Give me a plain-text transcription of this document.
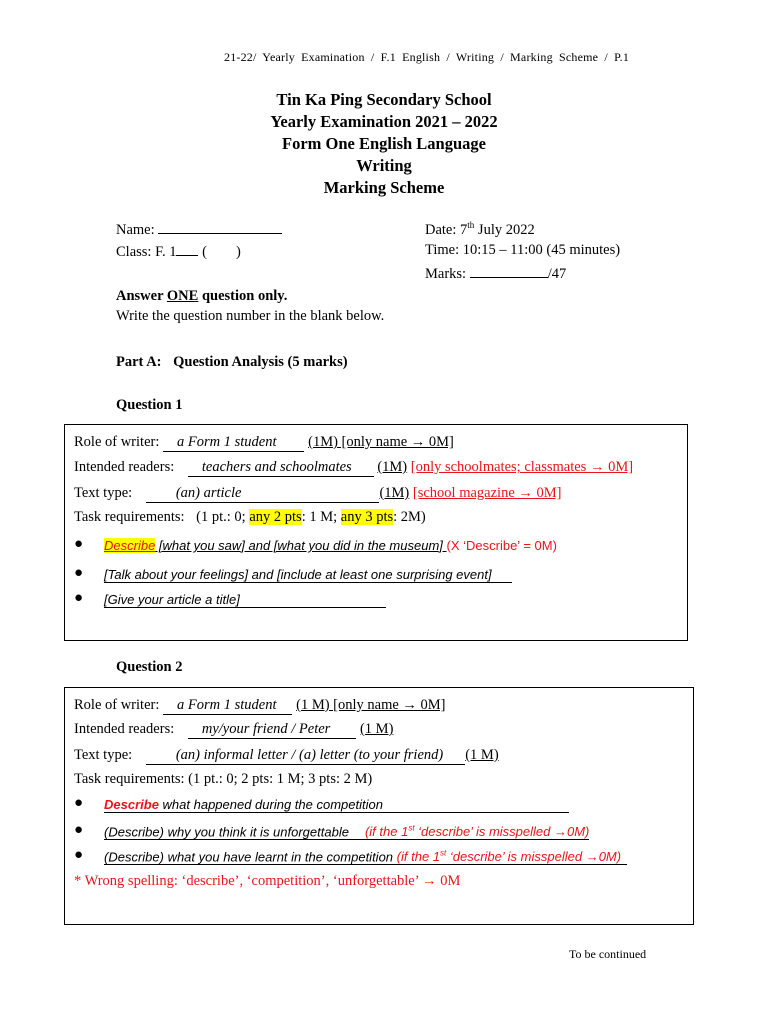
21-22/ Yearly Examination / F.1 English / Writing / Marking Scheme / P.1
Tin Ka Ping Secondary School
Yearly Examination 2021 – 2022
Form One English Language
Writing
Marking Scheme
Name:
Class: F. 1 (        )
Date: 7th July 2022
Time: 10:15 – 11:00 (45 minutes)
Marks:	/47
Answer ONE question only.
Write the question number in the blank below.
Part A: Question Analysis (5 marks)
Question 1
Role of writer: a Form 1 student (1M) [only name → 0M]
Intended readers: teachers and schoolmates (1M) [only schoolmates; classmates → 0M]
Text type:	(an) article	(1M) [school magazine → 0M]
Task requirements: (1 pt.: 0; any 2 pts: 1 M; any 3 pts: 2M)
● Describe [what you saw] and [what you did in the museum] (X ‘Describe’ = 0M)
● [Talk about your feelings] and [include at least one surprising event]
● [Give your article a title]
Question 2
Role of writer: a Form 1 student (1 M) [only name → 0M]
Intended readers: my/your friend / Peter (1 M)
Text type:	(an) informal letter / (a) letter (to your friend) (1 M)
Task requirements: (1 pt.: 0; 2 pts: 1 M; 3 pts: 2 M)
● Describe what happened during the competition
● (Describe) why you think it is unforgettable (if the 1st ‘describe’ is misspelled →0M)
● (Describe) what you have learnt in the competition (if the 1st ‘describe’ is misspelled →0M)
* Wrong spelling: ‘describe’, ‘competition’, ‘unforgettable’ → 0M
To be continued
